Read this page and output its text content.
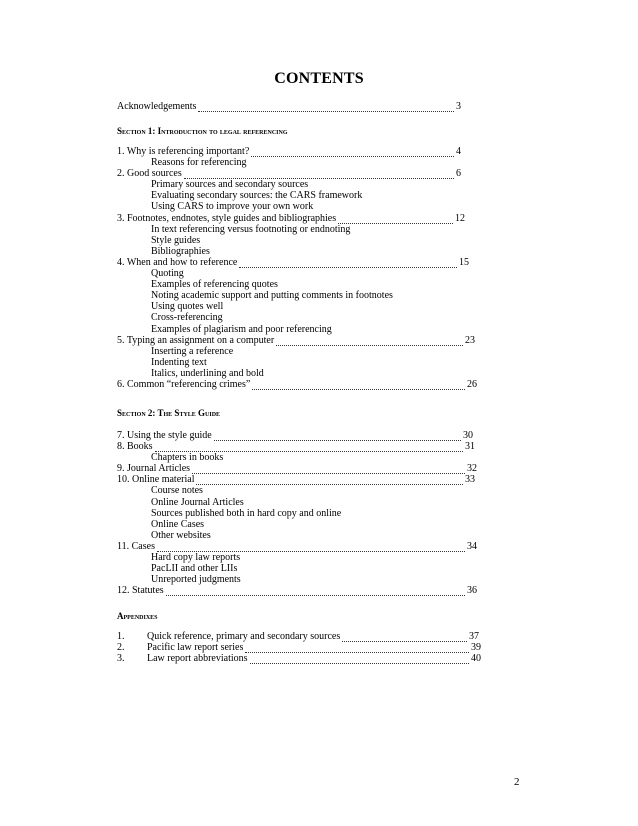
CONTENTS
Acknowledgements	3
Section 1: Introduction to legal referencing
1. Why is referencing important?	4
Reasons for referencing
2. Good sources	6
Primary sources and secondary sources
Evaluating secondary sources: the CARS framework
Using CARS to improve your own work
3. Footnotes, endnotes, style guides and bibliographies	12
In text referencing versus footnoting or endnoting
Style guides
Bibliographies
4. When and how to reference	15
Quoting
Examples of referencing quotes
Noting academic support and putting comments in footnotes
Using quotes well
Cross-referencing
Examples of plagiarism and poor referencing
5. Typing an assignment on a computer	23
Inserting a reference
Indenting text
Italics, underlining and bold
6. Common “referencing crimes”	26
Section 2: The Style Guide
7. Using the style guide	30
8. Books	31
Chapters in books
9. Journal Articles	32
10. Online material	33
Course notes
Online Journal Articles
Sources published both in hard copy and online
Online Cases
Other websites
11. Cases	34
Hard copy law reports
PacLII and other LIIs
Unreported judgments
12. Statutes	36
Appendixes
1. Quick reference, primary and secondary sources	37
2. Pacific law report series	39
3. Law report abbreviations	40
2
